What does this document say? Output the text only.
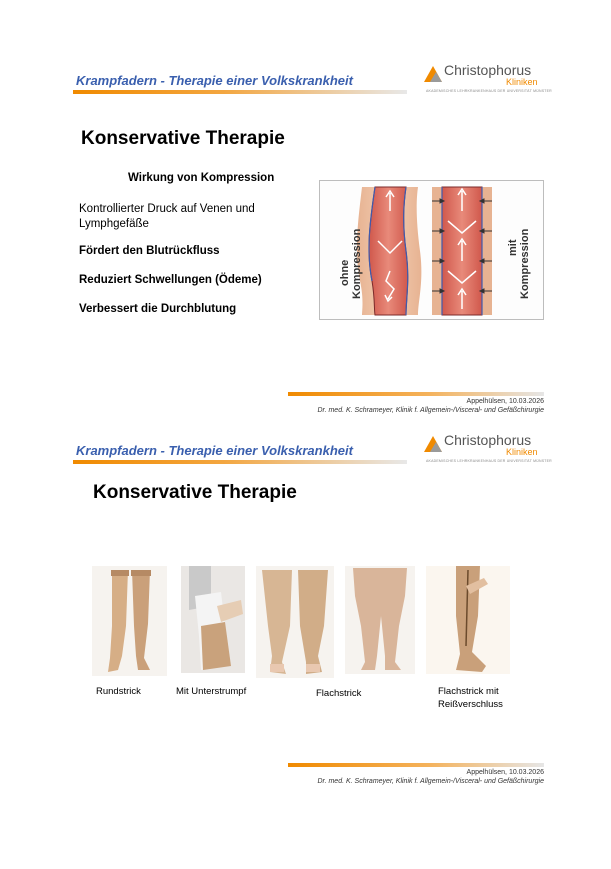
Krampfadern - Therapie einer Volkskrankheit
Christophorus
Kliniken
AKADEMISCHES LEHRKRANKENHAUS DER UNIVERSITÄT MÜNSTER
Konservative Therapie
Wirkung von Kompression
Kontrollierter Druck auf Venen und Lymphgefäße
Fördert den Blutrückfluss
Reduziert Schwellungen (Ödeme)
Verbessert die Durchblutung
ohne Kompression	mit Kompression
Appelhülsen, 10.03.2026
Dr. med. K. Schrameyer, Klinik f. Allgemein-/Visceral- und Gefäßchirurgie
Krampfadern - Therapie einer Volkskrankheit
Christophorus
Kliniken
AKADEMISCHES LEHRKRANKENHAUS DER UNIVERSITÄT MÜNSTER
Konservative Therapie
Rundstrick	Mit Unterstrumpf	Flachstrick	Flachstrick mit
Reißverschluss
Appelhülsen, 10.03.2026
Dr. med. K. Schrameyer, Klinik f. Allgemein-/Visceral- und Gefäßchirurgie
